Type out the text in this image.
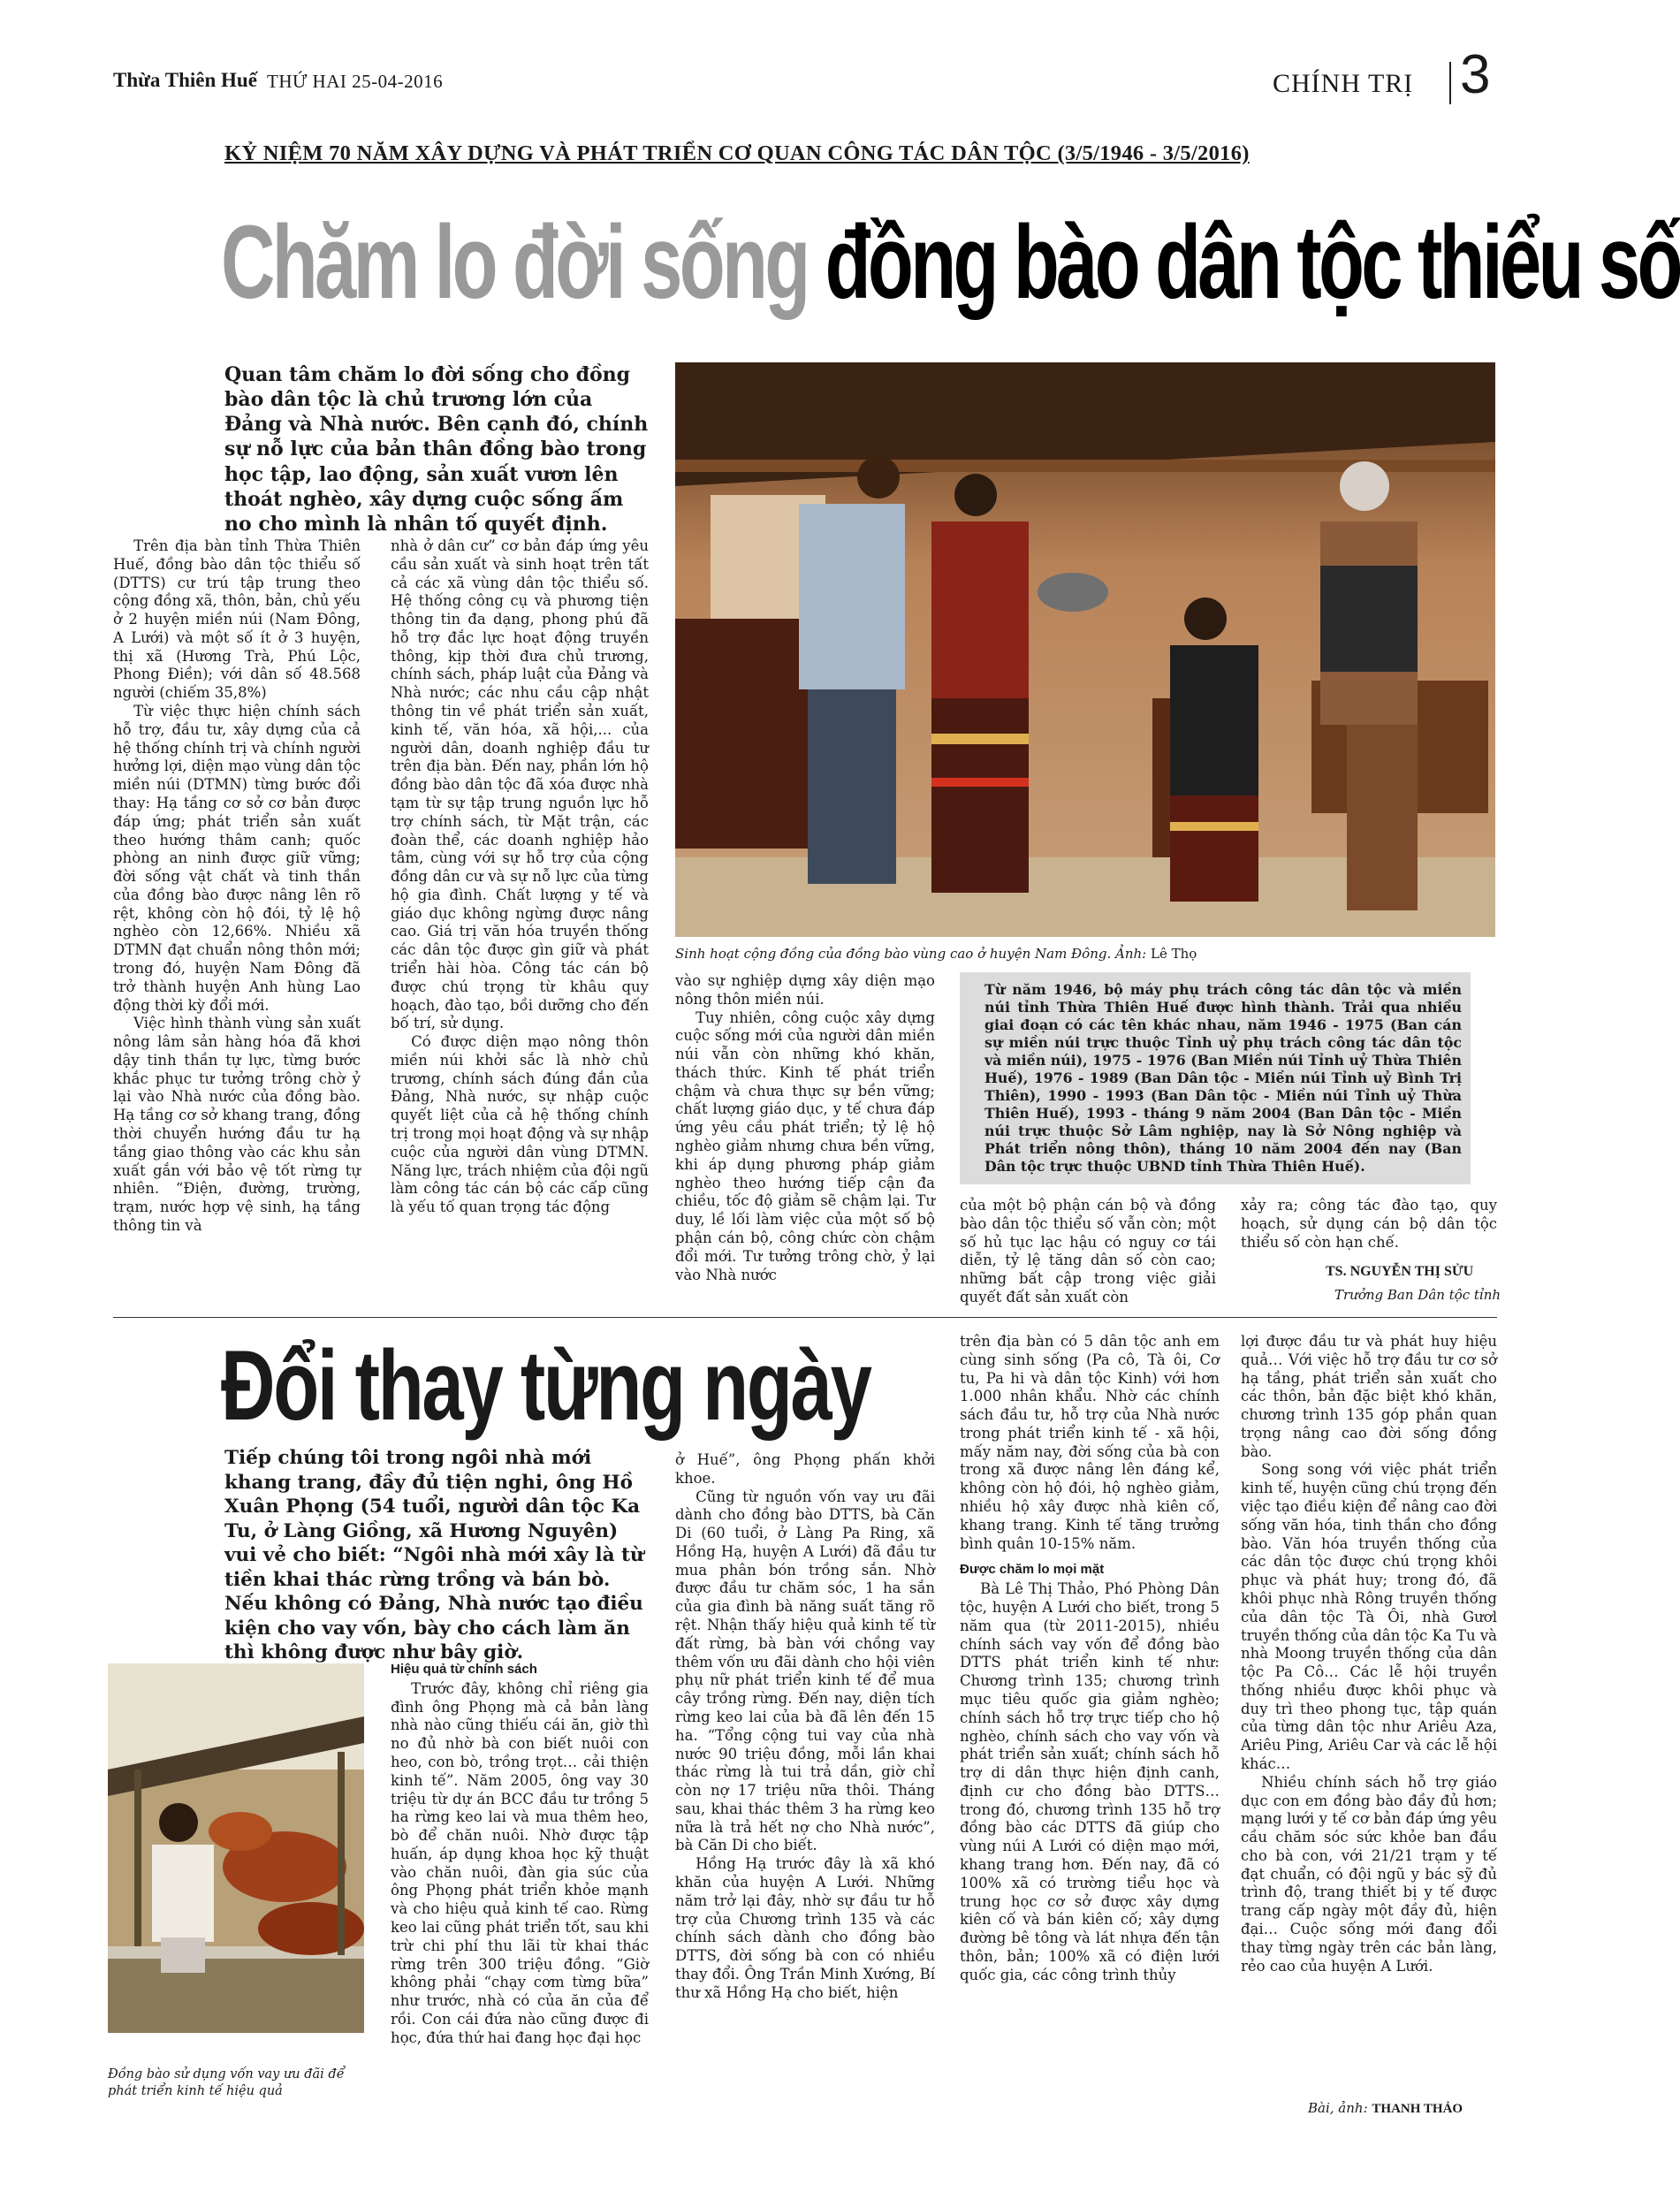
Thừa Thiên Huế THỨ HAI 25-04-2016	CHÍNH TRỊ 3
KỶ NIỆM 70 NĂM XÂY DỰNG VÀ PHÁT TRIỂN CƠ QUAN CÔNG TÁC DÂN TỘC (3/5/1946 - 3/5/2016)
Chăm lo đời sống đồng bào dân tộc thiểu số
Quan tâm chăm lo đời sống cho đồng bào dân tộc là chủ trương lớn của Đảng và Nhà nước. Bên cạnh đó, chính sự nỗ lực của bản thân đồng bào trong học tập, lao động, sản xuất vươn lên thoát nghèo, xây dựng cuộc sống ấm no cho mình là nhân tố quyết định.
Sinh hoạt cộng đồng của đồng bào vùng cao ở huyện Nam Đông. Ảnh: Lê Thọ

Trên địa bàn tỉnh Thừa Thiên Huế, đồng bào dân tộc thiểu số (DTTS) cư trú tập trung theo cộng đồng xã, thôn, bản, chủ yếu ở 2 huyện miền núi (Nam Đông, A Lưới) và một số ít ở 3 huyện, thị xã (Hương Trà, Phú Lộc, Phong Điền); với dân số 48.568 người (chiếm 35,8%)

Từ việc thực hiện chính sách hỗ trợ, đầu tư, xây dựng của cả hệ thống chính trị và chính người hưởng lợi, diện mạo vùng dân tộc miền núi (DTMN) từng bước đổi thay: Hạ tầng cơ sở cơ bản được đáp ứng; phát triển sản xuất theo hướng thâm canh; quốc phòng an ninh được giữ vững; đời sống vật chất và tinh thần của đồng bào được nâng lên rõ rệt, không còn hộ đói, tỷ lệ hộ nghèo còn 12,66%. Nhiều xã DTMN đạt chuẩn nông thôn mới; trong đó, huyện Nam Đông đã trở thành huyện Anh hùng Lao động thời kỳ đổi mới.

Việc hình thành vùng sản xuất nông lâm sản hàng hóa đã khơi dậy tinh thần tự lực, từng bước khắc phục tư tưởng trông chờ ỷ lại vào Nhà nước của đồng bào. Hạ tầng cơ sở khang trang, đồng thời chuyển hướng đầu tư hạ tầng giao thông vào các khu sản xuất gắn với bảo vệ tốt rừng tự nhiên. “Điện, đường, trường, trạm, nước hợp vệ sinh, hạ tầng thông tin và

nhà ở dân cư” cơ bản đáp ứng yêu cầu sản xuất và sinh hoạt trên tất cả các xã vùng dân tộc thiểu số. Hệ thống công cụ và phương tiện thông tin đa dạng, phong phú đã hỗ trợ đắc lực hoạt động truyền thông, kịp thời đưa chủ trương, chính sách, pháp luật của Đảng và Nhà nước; các nhu cầu cập nhật thông tin về phát triển sản xuất, kinh tế, văn hóa, xã hội,... của người dân, doanh nghiệp đầu tư trên địa bàn. Đến nay, phần lớn hộ đồng bào dân tộc đã xóa được nhà tạm từ sự tập trung nguồn lực hỗ trợ chính sách, từ Mặt trận, các đoàn thể, các doanh nghiệp hảo tâm, cùng với sự hỗ trợ của cộng đồng dân cư và sự nỗ lực của từng hộ gia đình. Chất lượng y tế và giáo dục không ngừng được nâng cao. Giá trị văn hóa truyền thống các dân tộc được gìn giữ và phát triển hài hòa. Công tác cán bộ được chú trọng từ khâu quy hoạch, đào tạo, bồi dưỡng cho đến bố trí, sử dụng.

Có được diện mạo nông thôn miền núi khởi sắc là nhờ chủ trương, chính sách đúng đắn của Đảng, Nhà nước, sự nhập cuộc quyết liệt của cả hệ thống chính trị trong mọi hoạt động và sự nhập cuộc của người dân vùng DTMN. Năng lực, trách nhiệm của đội ngũ làm công tác cán bộ các cấp cũng là yếu tố quan trọng tác động

vào sự nghiệp dựng xây diện mạo nông thôn miền núi.

Tuy nhiên, công cuộc xây dựng cuộc sống mới của người dân miền núi vẫn còn những khó khăn, thách thức. Kinh tế phát triển chậm và chưa thực sự bền vững; chất lượng giáo dục, y tế chưa đáp ứng yêu cầu phát triển; tỷ lệ hộ nghèo giảm nhưng chưa bền vững, khi áp dụng phương pháp giảm nghèo theo hướng tiếp cận đa chiều, tốc độ giảm sẽ chậm lại. Tư duy, lề lối làm việc của một số bộ phận cán bộ, công chức còn chậm đổi mới. Tư tưởng trông chờ, ỷ lại vào Nhà nước

Từ năm 1946, bộ máy phụ trách công tác dân tộc và miền núi tỉnh Thừa Thiên Huế được hình thành. Trải qua nhiều giai đoạn có các tên khác nhau, năm 1946 - 1975 (Ban cán sự miền núi trực thuộc Tỉnh uỷ phụ trách công tác dân tộc và miền núi), 1975 - 1976 (Ban Miền núi Tỉnh uỷ Thừa Thiên Huế), 1976 - 1989 (Ban Dân tộc - Miền núi Tỉnh uỷ Bình Trị Thiên), 1990 - 1993 (Ban Dân tộc - Miền núi Tỉnh uỷ Thừa Thiên Huế), 1993 - tháng 9 năm 2004 (Ban Dân tộc - Miền núi trực thuộc Sở Lâm nghiệp, nay là Sở Nông nghiệp và Phát triển nông thôn), tháng 10 năm 2004 đến nay (Ban Dân tộc trực thuộc UBND tỉnh Thừa Thiên Huế).

của một bộ phận cán bộ và đồng bào dân tộc thiểu số vẫn còn; một số hủ tục lạc hậu có nguy cơ tái diễn, tỷ lệ tăng dân số còn cao; những bất cập trong việc giải quyết đất sản xuất còn

xảy ra; công tác đào tạo, quy hoạch, sử dụng cán bộ dân tộc thiểu số còn hạn chế.

TS. NGUYỄN THỊ SỬU
Trưởng Ban Dân tộc tỉnh
Đổi thay từng ngày
Tiếp chúng tôi trong ngôi nhà mới khang trang, đầy đủ tiện nghi, ông Hồ Xuân Phọng (54 tuổi, người dân tộc Ka Tu, ở Làng Giồng, xã Hương Nguyên) vui vẻ cho biết: “Ngôi nhà mới xây là từ tiền khai thác rừng trồng và bán bò. Nếu không có Đảng, Nhà nước tạo điều kiện cho vay vốn, bày cho cách làm ăn thì không được như bây giờ.
Đồng bào sử dụng vốn vay ưu đãi để phát triển kinh tế hiệu quả
Hiệu quả từ chính sách

Trước đây, không chỉ riêng gia đình ông Phọng mà cả bản làng nhà nào cũng thiếu cái ăn, giờ thì no đủ nhờ bà con biết nuôi con heo, con bò, trồng trọt… cải thiện kinh tế”. Năm 2005, ông vay 30 triệu từ dự án BCC đầu tư trồng 5 ha rừng keo lai và mua thêm heo, bò để chăn nuôi. Nhờ được tập huấn, áp dụng khoa học kỹ thuật vào chăn nuôi, đàn gia súc của ông Phọng phát triển khỏe mạnh và cho hiệu quả kinh tế cao. Rừng keo lai cũng phát triển tốt, sau khi trừ chi phí thu lãi từ khai thác rừng trên 300 triệu đồng. “Giờ không phải “chạy cơm từng bữa” như trước, nhà có của ăn của để rồi. Con cái đứa nào cũng được đi học, đứa thứ hai đang học đại học

ở Huế”, ông Phọng phấn khởi khoe.

Cũng từ nguồn vốn vay ưu đãi dành cho đồng bào DTTS, bà Căn Di (60 tuổi, ở Làng Pa Ring, xã Hồng Hạ, huyện A Lưới) đã đầu tư mua phân bón trồng sắn. Nhờ được đầu tư chăm sóc, 1 ha sắn của gia đình bà năng suất tăng rõ rệt. Nhận thấy hiệu quả kinh tế từ đất rừng, bà bàn với chồng vay thêm vốn ưu đãi dành cho hội viên phụ nữ phát triển kinh tế để mua cây trồng rừng. Đến nay, diện tích rừng keo lai của bà đã lên đến 15 ha. “Tổng cộng tui vay của nhà nước 90 triệu đồng, mỗi lần khai thác rừng là tui trả dần, giờ chỉ còn nợ 17 triệu nữa thôi. Tháng sau, khai thác thêm 3 ha rừng keo nữa là trả hết nợ cho Nhà nước”, bà Căn Di cho biết.

Hồng Hạ trước đây là xã khó khăn của huyện A Lưới. Những năm trở lại đây, nhờ sự đầu tư hỗ trợ của Chương trình 135 và các chính sách dành cho đồng bào DTTS, đời sống bà con có nhiều thay đổi. Ông Trần Minh Xướng, Bí thư xã Hồng Hạ cho biết, hiện

trên địa bàn có 5 dân tộc anh em cùng sinh sống (Pa cô, Tà ôi, Cơ tu, Pa hi và dân tộc Kinh) với hơn 1.000 nhân khẩu. Nhờ các chính sách đầu tư, hỗ trợ của Nhà nước trong phát triển kinh tế - xã hội, mấy năm nay, đời sống của bà con trong xã được nâng lên đáng kể, không còn hộ đói, hộ nghèo giảm, nhiều hộ xây được nhà kiên cố, khang trang. Kinh tế tăng trưởng bình quân 10-15% năm.

Được chăm lo mọi mặt

Bà Lê Thị Thảo, Phó Phòng Dân tộc, huyện A Lưới cho biết, trong 5 năm qua (từ 2011-2015), nhiều chính sách vay vốn để đồng bào DTTS phát triển kinh tế như: Chương trình 135; chương trình mục tiêu quốc gia giảm nghèo; chính sách hỗ trợ trực tiếp cho hộ nghèo, chính sách cho vay vốn và phát triển sản xuất; chính sách hỗ trợ di dân thực hiện định canh, định cư cho đồng bào DTTS… trong đó, chương trình 135 hỗ trợ đồng bào các DTTS đã giúp cho vùng núi A Lưới có diện mạo mới, khang trang hơn. Đến nay, đã có 100% xã có trường tiểu học và trung học cơ sở được xây dựng kiên cố và bán kiên cố; xây dựng đường bê tông và lát nhựa đến tận thôn, bản; 100% xã có điện lưới quốc gia, các công trình thủy

lợi được đầu tư và phát huy hiệu quả… Với việc hỗ trợ đầu tư cơ sở hạ tầng, phát triển sản xuất cho các thôn, bản đặc biệt khó khăn, chương trình 135 góp phần quan trọng nâng cao đời sống đồng bào.

Song song với việc phát triển kinh tế, huyện cũng chú trọng đến việc tạo điều kiện để nâng cao đời sống văn hóa, tinh thần cho đồng bào. Văn hóa truyền thống của các dân tộc được chú trọng khôi phục và phát huy; trong đó, đã khôi phục nhà Rông truyền thống của dân tộc Tà Ôi, nhà Gươl truyền thống của dân tộc Ka Tu và nhà Moong truyền thống của dân tộc Pa Cô… Các lễ hội truyền thống nhiều được khôi phục và duy trì theo phong tục, tập quán của từng dân tộc như Ariêu Aza, Ariêu Ping, Ariêu Car và các lễ hội khác…

Nhiều chính sách hỗ trợ giáo dục con em đồng bào đầy đủ hơn; mạng lưới y tế cơ bản đáp ứng yêu cầu chăm sóc sức khỏe ban đầu cho bà con, với 21/21 trạm y tế đạt chuẩn, có đội ngũ y bác sỹ đủ trình độ, trang thiết bị y tế được trang cấp ngày một đầy đủ, hiện đại… Cuộc sống mới đang đổi thay từng ngày trên các bản làng, rẻo cao của huyện A Lưới.

Bài, ảnh: THANH THẢO
